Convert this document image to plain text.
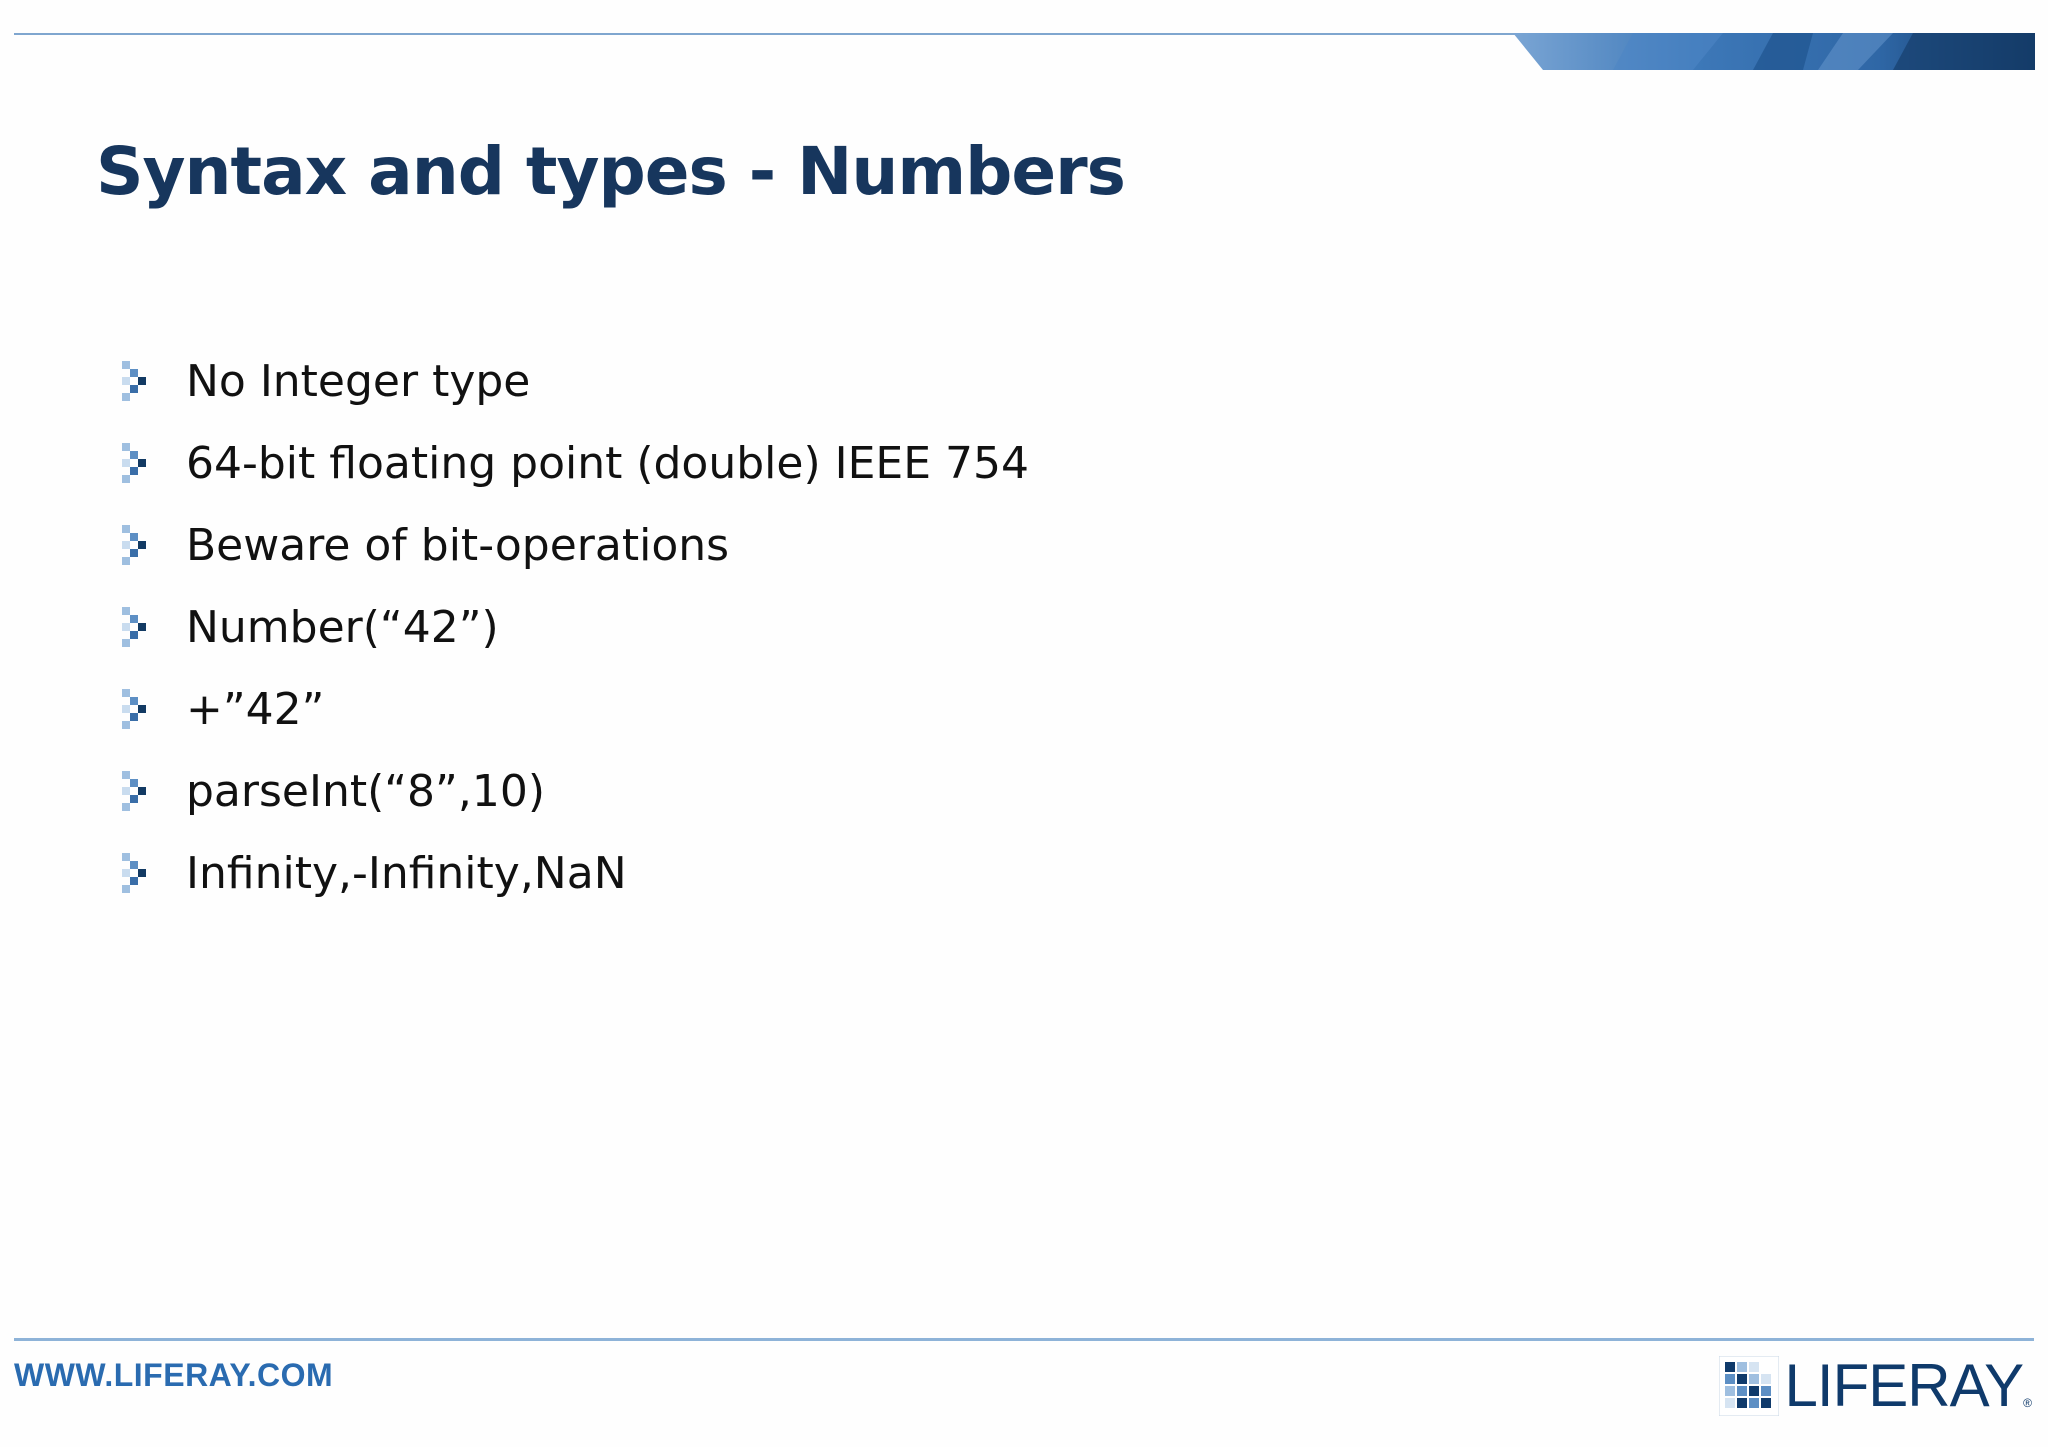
Syntax and types - Numbers
No Integer type
64-bit floating point (double) IEEE 754
Beware of bit-operations
Number(“42”)
+”42”
parseInt(“8”,10)
Infinity,-Infinity,NaN
WWW.LIFERAY.COM	LIFERAY ®
